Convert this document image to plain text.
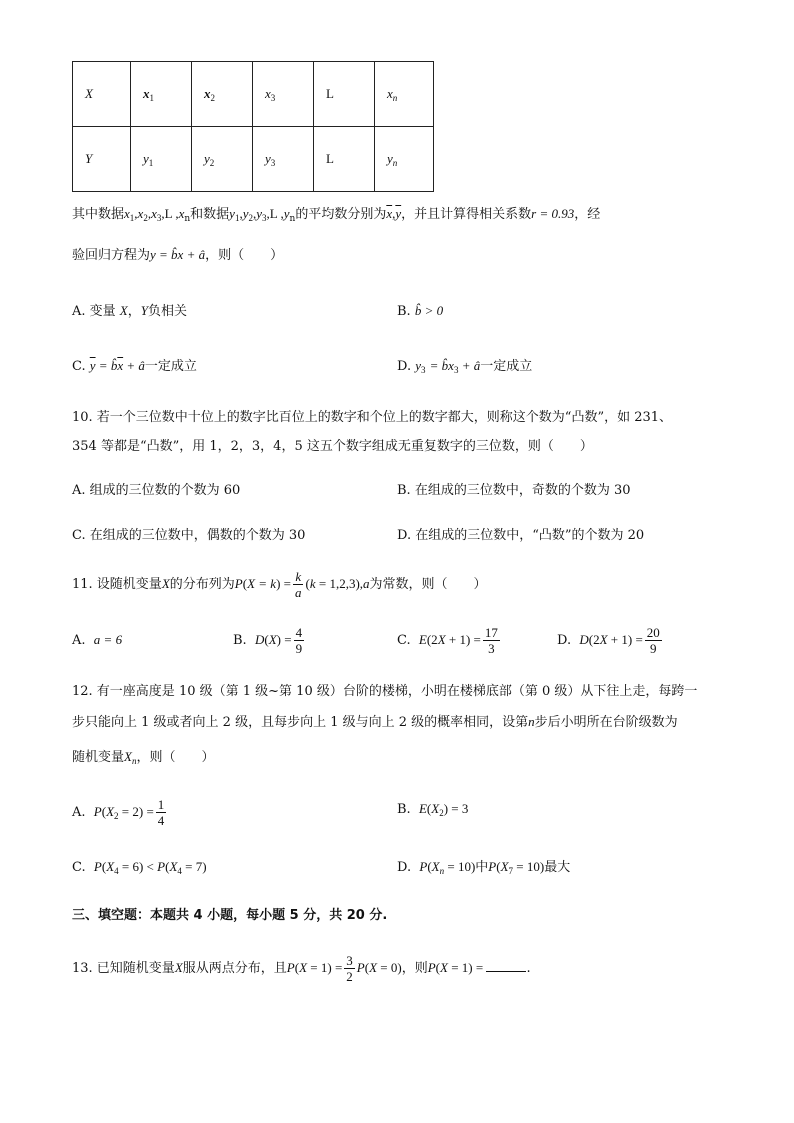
X	$x_1$	$x_2$	$x_3$	L	$x_n$
Y	$y_1$	$y_2$	$y_3$	L	$y_n$
其中数据$x_1,x_2,x_3,L$ $,x_n$和数据$y_1,y_2,y_3,L$ $,y_n$的平均数分别为$\overline{x},\overline{y}$，并且计算得相关系数r = 0.93，经
验回归方程为y = b̂x + â，则（　　）
A. 变量 X，Y负相关	B. b̂ > 0
C. $\overline{y}$ = $b̂\overline{x}$ + â一定成立	D. $y_3$ = $b̂x_3$ + â一定成立
10. 若一个三位数中十位上的数字比百位上的数字和个位上的数字都大，则称这个数为“凸数”，如 231、
354 等都是“凸数”，用 1，2，3，4，5 这五个数字组成无重复数字的三位数，则（　　）
A. 组成的三位数的个数为 60	B. 在组成的三位数中，奇数的个数为 30
C. 在组成的三位数中，偶数的个数为 30	D. 在组成的三位数中，“凸数”的个数为 20
11. 设随机变量X的分布列为$P(X = k) = \frac{k}{a} (k = 1,2,3),a$为常数，则（　　）
A. a = 6	B. $D(X) = \frac{4}{9}$	C. $E(2X + 1) = \frac{17}{3}$	D. $D(2X + 1) = \frac{20}{9}$
12. 有一座高度是 10 级（第 1 级~第 10 级）台阶的楼梯，小明在楼梯底部（第 0 级）从下往上走，每跨一
步只能向上 1 级或者向上 2 级，且每步向上 1 级与向上 2 级的概率相同，设第n步后小明所在台阶级数为
随机变量$X_n$，则（　　）
A. $P(X_2 = 2) = \frac{1}{4}$	B. $E(X_2) = 3$
C. $P(X_4 = 6) < P(X_4 = 7)$	D. $P(X_n = 10)$中$P(X_7 = 10)$最大
三、填空题：本题共 4 小题，每小题 5 分，共 20 分.
13. 已知随机变量X服从两点分布，且$P(X = 1) = \frac{3}{2} P(X = 0)$，则P(X = 1) =	.
